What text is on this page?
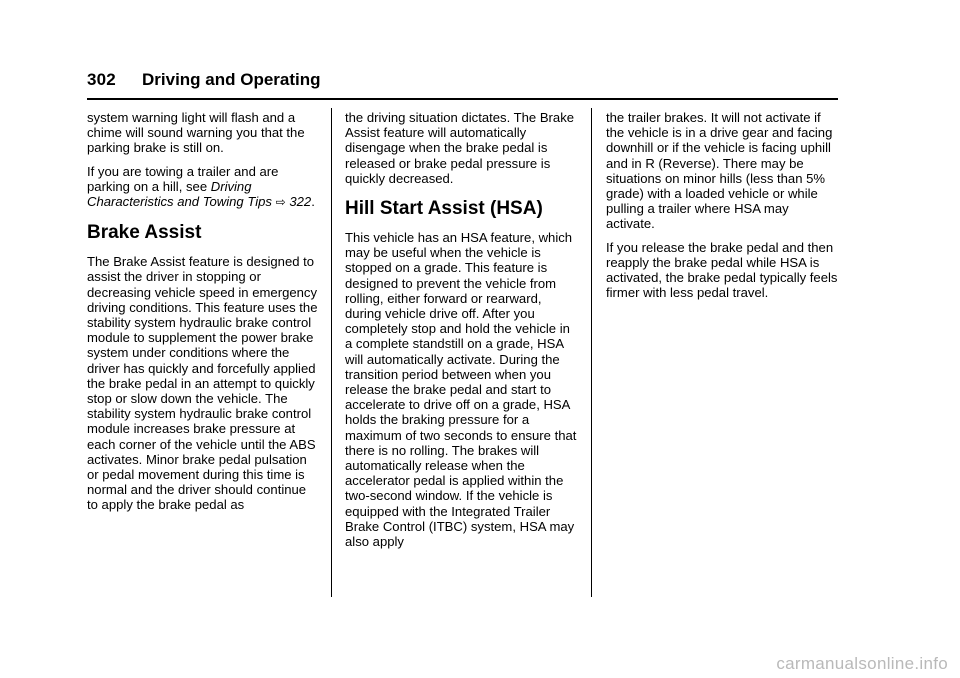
302 Driving and Operating

system warning light will flash and a chime will sound warning you that the parking brake is still on.

If you are towing a trailer and are parking on a hill, see Driving Characteristics and Towing Tips ⇨ 322.

Brake Assist

The Brake Assist feature is designed to assist the driver in stopping or decreasing vehicle speed in emergency driving conditions. This feature uses the stability system hydraulic brake control module to supplement the power brake system under conditions where the driver has quickly and forcefully applied the brake pedal in an attempt to quickly stop or slow down the vehicle. The stability system hydraulic brake control module increases brake pressure at each corner of the vehicle until the ABS activates. Minor brake pedal pulsation or pedal movement during this time is normal and the driver should continue to apply the brake pedal as

the driving situation dictates. The Brake Assist feature will automatically disengage when the brake pedal is released or brake pedal pressure is quickly decreased.

Hill Start Assist (HSA)

This vehicle has an HSA feature, which may be useful when the vehicle is stopped on a grade. This feature is designed to prevent the vehicle from rolling, either forward or rearward, during vehicle drive off. After you completely stop and hold the vehicle in a complete standstill on a grade, HSA will automatically activate. During the transition period between when you release the brake pedal and start to accelerate to drive off on a grade, HSA holds the braking pressure for a maximum of two seconds to ensure that there is no rolling. The brakes will automatically release when the accelerator pedal is applied within the two-second window. If the vehicle is equipped with the Integrated Trailer Brake Control (ITBC) system, HSA may also apply

the trailer brakes. It will not activate if the vehicle is in a drive gear and facing downhill or if the vehicle is facing uphill and in R (Reverse). There may be situations on minor hills (less than 5% grade) with a loaded vehicle or while pulling a trailer where HSA may activate.

If you release the brake pedal and then reapply the brake pedal while HSA is activated, the brake pedal typically feels firmer with less pedal travel.

carmanualsonline.info
